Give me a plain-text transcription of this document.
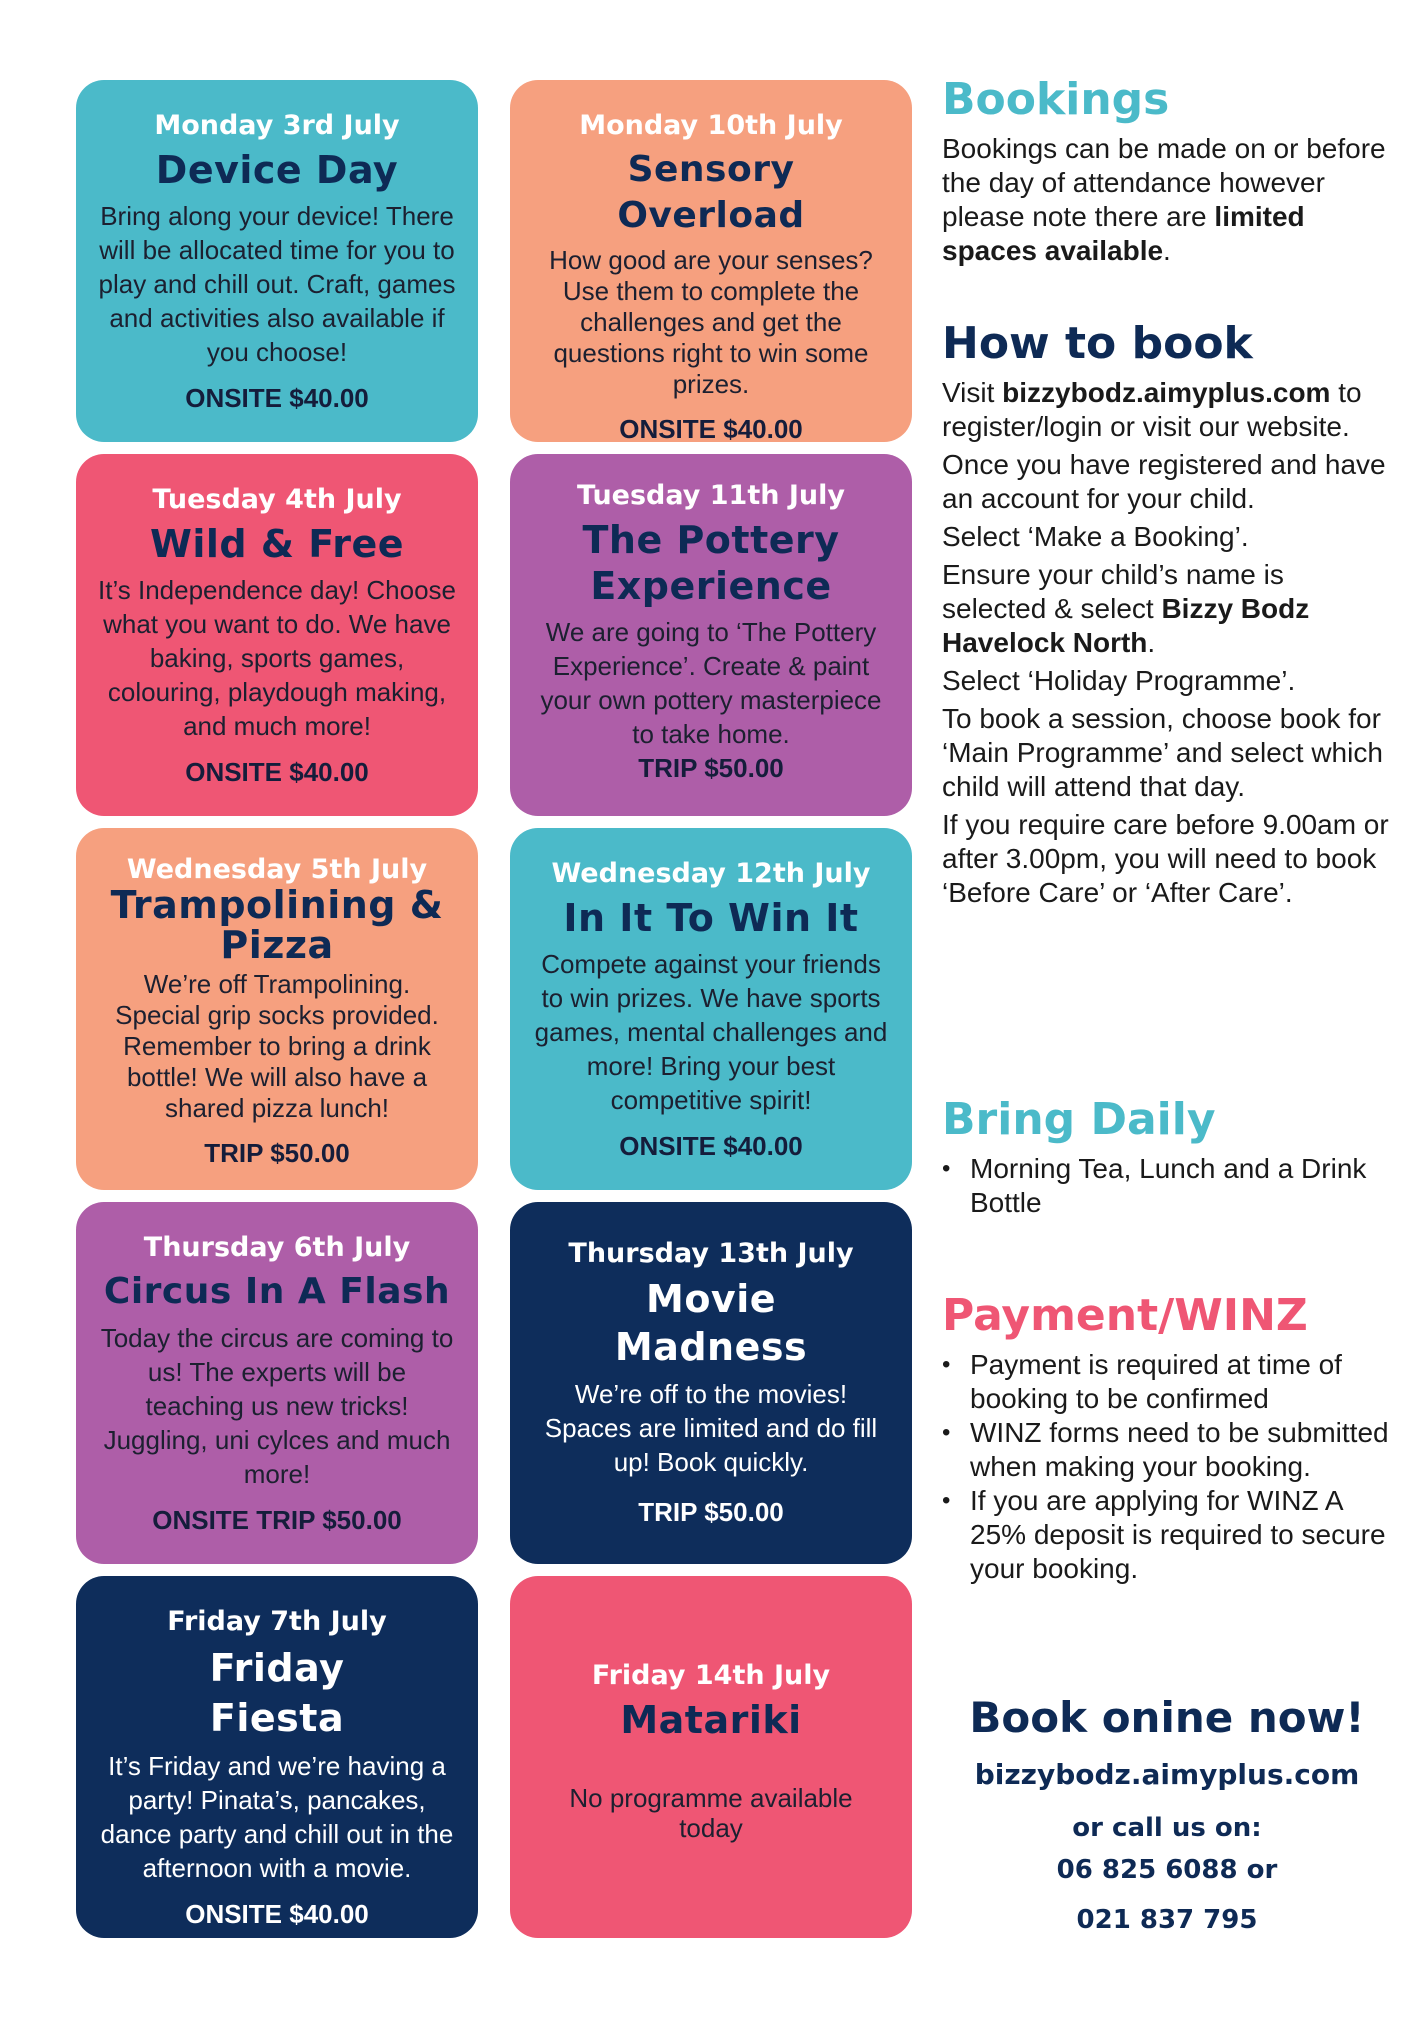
Monday 3rd July
Device Day
Bring along your device! There will be allocated time for you to play and chill out. Craft, games and activities also available if you choose!
ONSITE $40.00
Tuesday 4th July
Wild & Free
It’s Independence day! Choose what you want to do. We have baking, sports games, colouring, playdough making, and much more!
ONSITE $40.00
Wednesday 5th July
Trampolining & Pizza
We’re off Trampolining. Special grip socks provided. Remember to bring a drink bottle! We will also have a shared pizza lunch!
TRIP $50.00
Thursday 6th July
Circus In A Flash
Today the circus are coming to us! The experts will be teaching us new tricks! Juggling, uni cylces and much more!
ONSITE TRIP $50.00
Friday 7th July
Friday Fiesta
It’s Friday and we’re having a party! Pinata’s, pancakes, dance party and chill out in the afternoon with a movie.
ONSITE $40.00
Monday 10th July
Sensory Overload
How good are your senses? Use them to complete the challenges and get the questions right to win some prizes.
ONSITE $40.00
Tuesday 11th July
The Pottery Experience
We are going to ‘The Pottery Experience’. Create & paint your own pottery masterpiece to take home.
TRIP $50.00
Wednesday 12th July
In It To Win It
Compete against your friends to win prizes. We have sports games, mental challenges and more! Bring your best competitive spirit!
ONSITE $40.00
Thursday 13th July
Movie Madness
We’re off to the movies! Spaces are limited and do fill up! Book quickly.
TRIP $50.00
Friday 14th July
Matariki
No programme available today
Bookings

Bookings can be made on or before the day of attendance however please note there are limited spaces available.

How to book

Visit bizzybodz.aimyplus.com to register/login or visit our website.

Once you have registered and have an account for your child.

Select ‘Make a Booking’.

Ensure your child’s name is selected & select Bizzy Bodz Havelock North.

Select ‘Holiday Programme’.

To book a session, choose book for ‘Main Programme’ and select which child will attend that day.

If you require care before 9.00am or after 3.00pm, you will need to book ‘Before Care’ or ‘After Care’.

Bring Daily
• Morning Tea, Lunch and a Drink Bottle
Payment/WINZ
• Payment is required at time of booking to be confirmed
• WINZ forms need to be submitted when making your booking.
• If you are applying for WINZ A 25% deposit is required to secure your booking.
Book onine now!
bizzybodz.aimyplus.com
or call us on:
06 825 6088 or
021 837 795
